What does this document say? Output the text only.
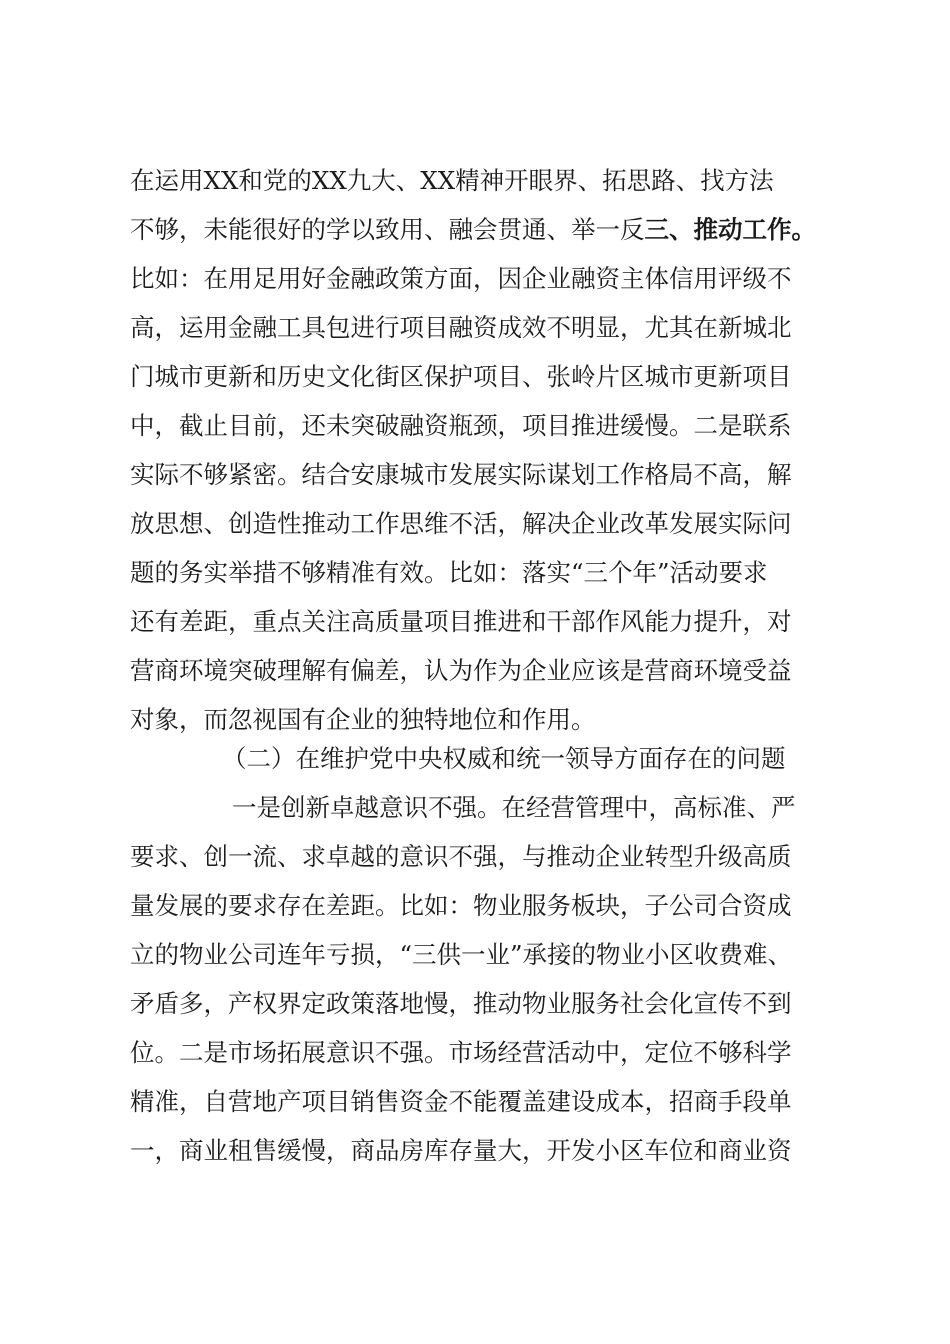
在运用XX和党的XX九大、XX精神开眼界、拓思路、找方法
不够，未能很好的学以致用、融会贯通、举一反三、推动工作。
比如：在用足用好金融政策方面，因企业融资主体信用评级不
高，运用金融工具包进行项目融资成效不明显，尤其在新城北
门城市更新和历史文化街区保护项目、张岭片区城市更新项目
中，截止目前，还未突破融资瓶颈，项目推进缓慢。二是联系
实际不够紧密。结合安康城市发展实际谋划工作格局不高，解
放思想、创造性推动工作思维不活，解决企业改革发展实际问
题的务实举措不够精准有效。比如：落实“三个年”活动要求
还有差距，重点关注高质量项目推进和干部作风能力提升，对
营商环境突破理解有偏差，认为作为企业应该是营商环境受益
对象，而忽视国有企业的独特地位和作用。
（二）在维护党中央权威和统一领导方面存在的问题
一是创新卓越意识不强。在经营管理中，高标准、严
要求、创一流、求卓越的意识不强，与推动企业转型升级高质
量发展的要求存在差距。比如：物业服务板块，子公司合资成
立的物业公司连年亏损，“三供一业”承接的物业小区收费难、
矛盾多，产权界定政策落地慢，推动物业服务社会化宣传不到
位。二是市场拓展意识不强。市场经营活动中，定位不够科学
精准，自营地产项目销售资金不能覆盖建设成本，招商手段单
一，商业租售缓慢，商品房库存量大，开发小区车位和商业资
